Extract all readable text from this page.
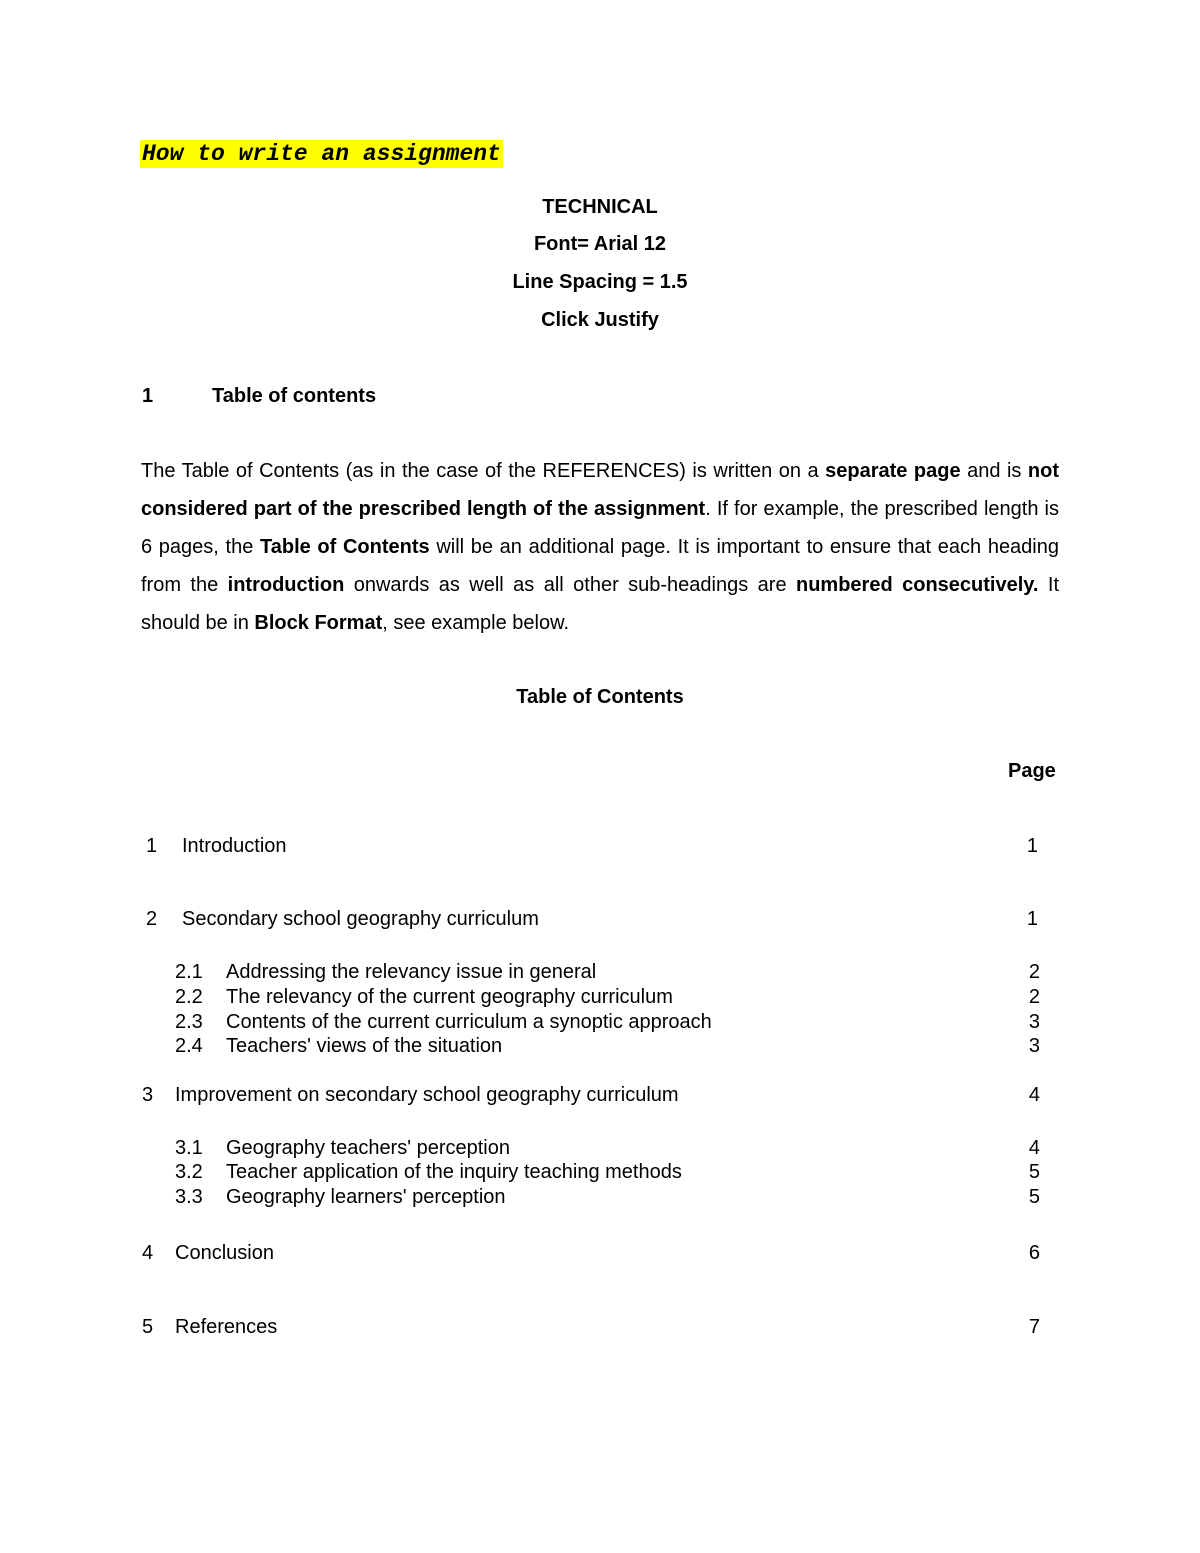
How to write an assignment
TECHNICAL
Font= Arial 12
Line Spacing = 1.5
Click Justify
1	Table of contents

The Table of Contents (as in the case of the REFERENCES) is written on a separate page and is not considered part of the prescribed length of the assignment. If for example, the prescribed length is 6 pages, the Table of Contents will be an additional page. It is important to ensure that each heading from the introduction onwards as well as all other sub-headings are numbered consecutively. It should be in Block Format, see example below.

Table of Contents
Page
1 Introduction	1
2 Secondary school geography curriculum	1
2.1 Addressing the relevancy issue in general	2
2.2 The relevancy of the current geography curriculum	2
2.3 Contents of the current curriculum a synoptic approach	3
2.4 Teachers' views of the situation	3
3 Improvement on secondary school geography curriculum	4
3.1 Geography teachers' perception	4
3.2 Teacher application of the inquiry teaching methods	5
3.3 Geography learners' perception	5
4 Conclusion	6
5 References	7
